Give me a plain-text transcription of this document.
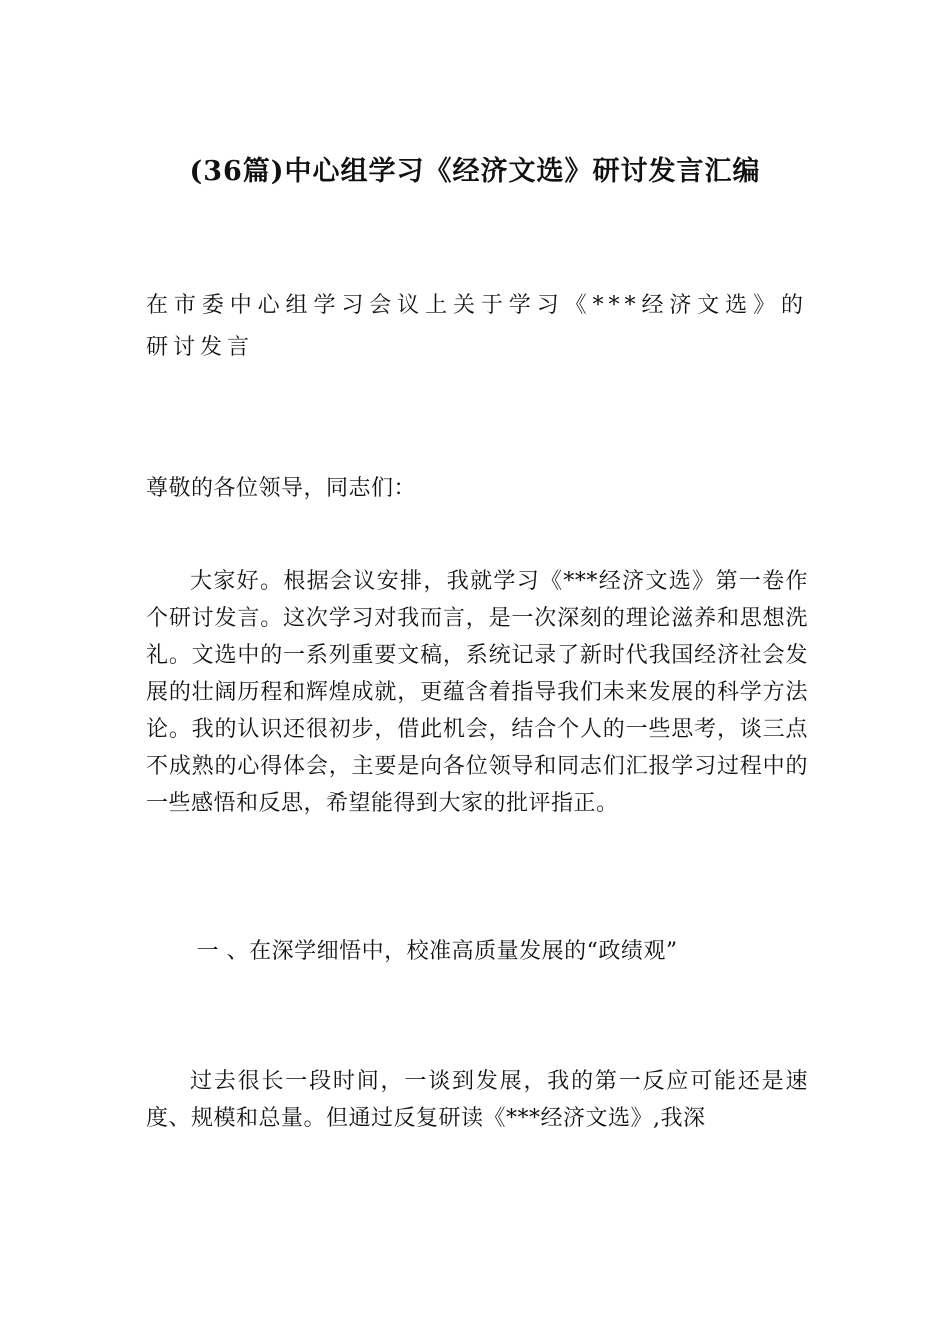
(36篇)中心组学习《经济文选》研讨发言汇编
在市委中心组学习会议上关于学习《***经济文选》的研讨发言
尊敬的各位领导，同志们：
大家好。根据会议安排，我就学习《***经济文选》第一卷作个研讨发言。这次学习对我而言，是一次深刻的理论滋养和思想洗礼。文选中的一系列重要文稿，系统记录了新时代我国经济社会发展的壮阔历程和辉煌成就，更蕴含着指导我们未来发展的科学方法论。我的认识还很初步，借此机会，结合个人的一些思考，谈三点不成熟的心得体会，主要是向各位领导和同志们汇报学习过程中的一些感悟和反思，希望能得到大家的批评指正。
一 、在深学细悟中，校准高质量发展的“政绩观”
过去很长一段时间，一谈到发展，我的第一反应可能还是速度、规模和总量。但通过反复研读《***经济文选》,我深
